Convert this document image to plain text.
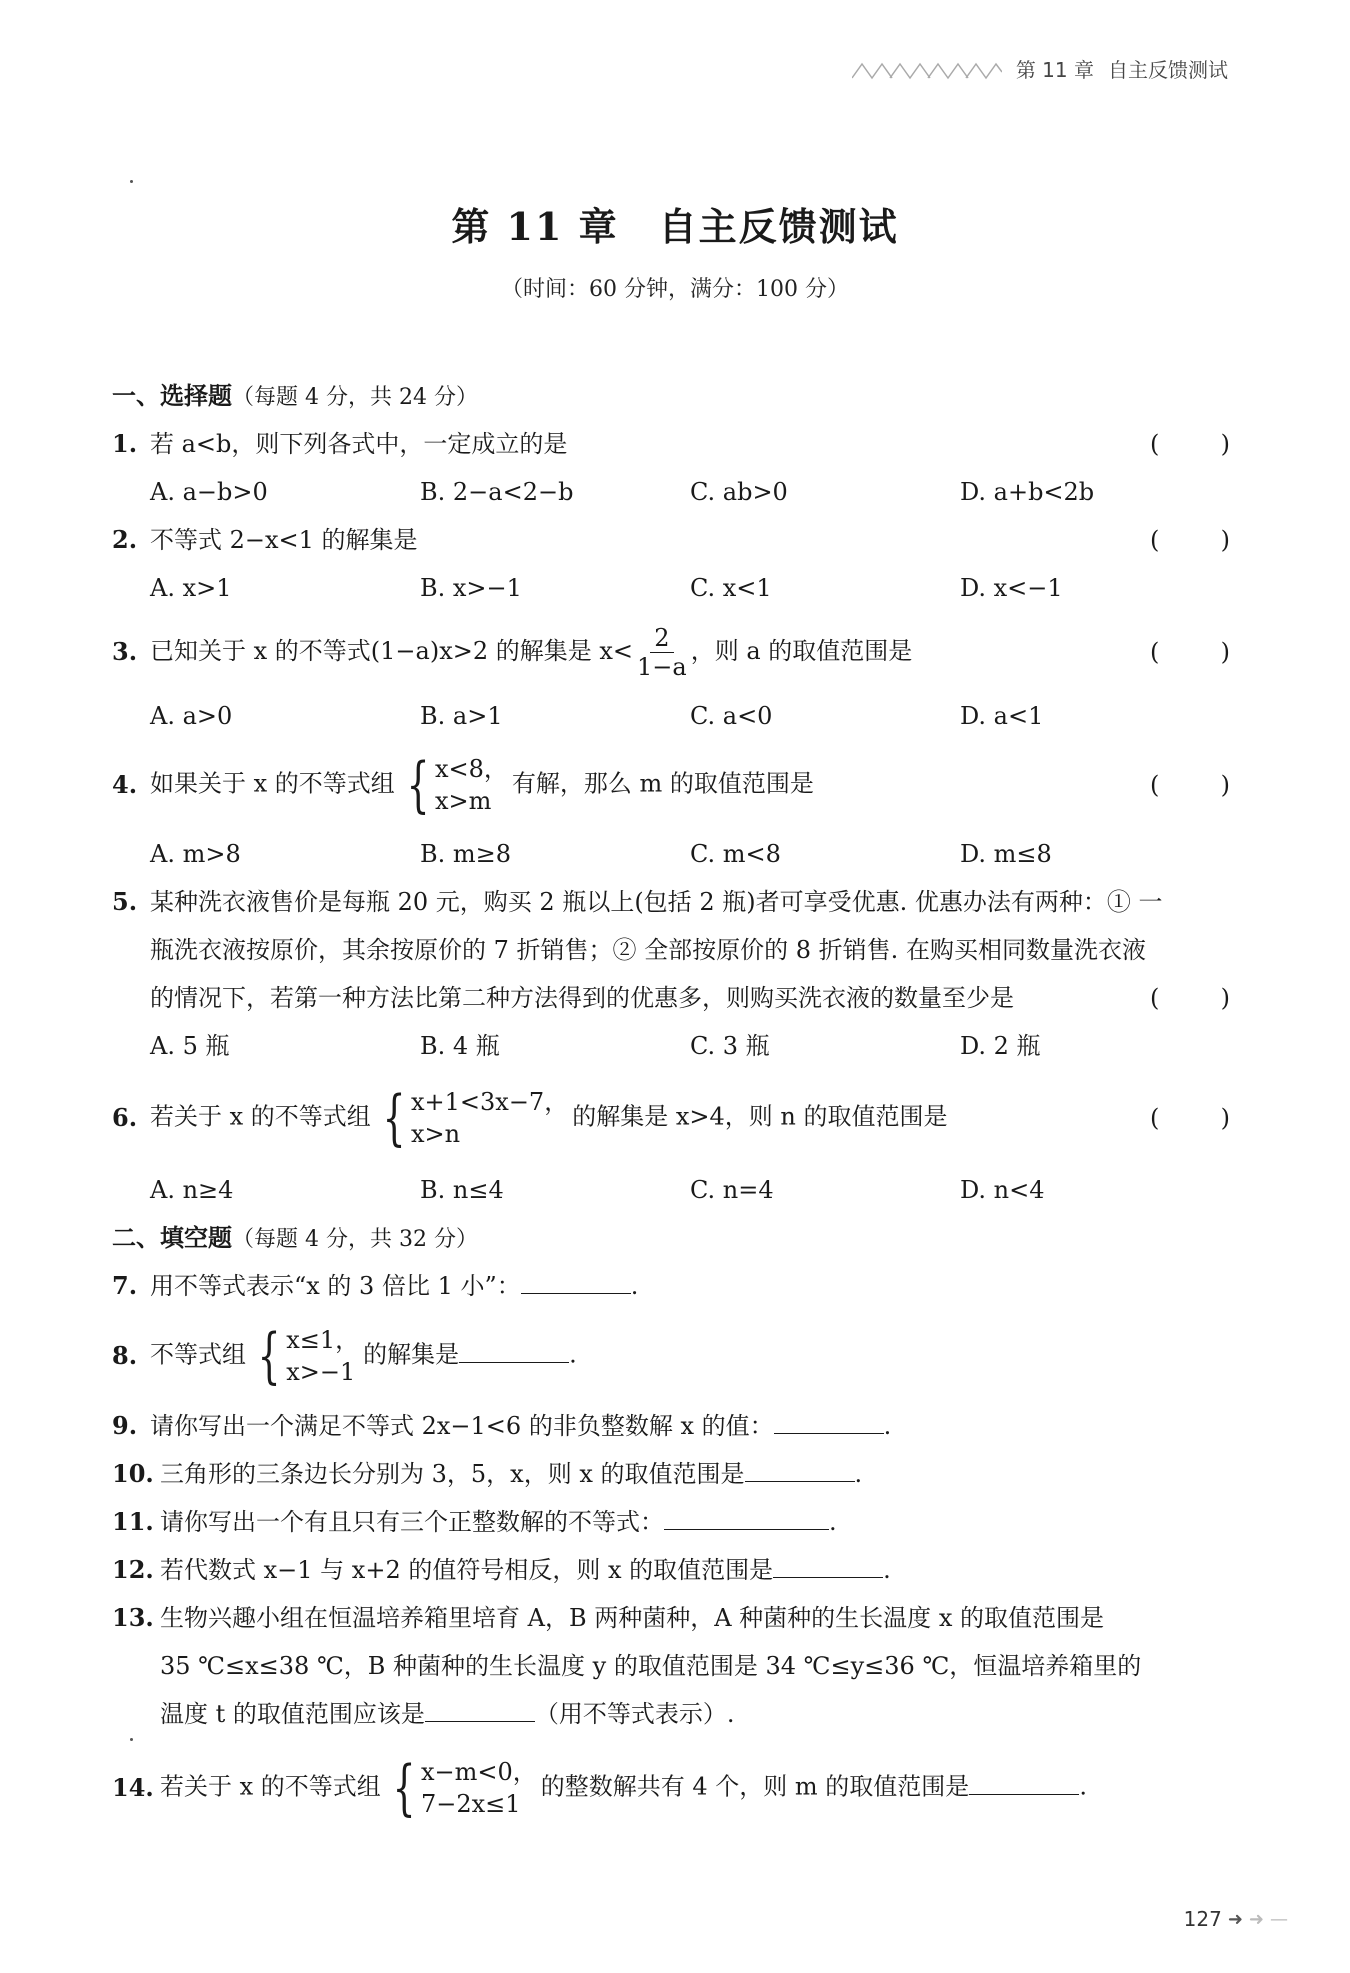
第 11 章 自主反馈测试
第 11 章　自主反馈测试
（时间：60 分钟，满分：100 分）
一、选择题（每题 4 分，共 24 分）
1. 若 a<b，则下列各式中，一定成立的是	(	)
A. a−b>0	B. 2−a<2−b	C. ab>0	D. a+b<2b
2. 不等式 2−x<1 的解集是	(	)
A. x>1	B. x>−1	C. x<1	D. x<−1
3. 已知关于 x 的不等式(1−a)x>2 的解集是 $x< \frac{2}{1-a}$ ，则 a 的取值范围是	(	)
A. a>0	B. a>1	C. a<0	D. a<1
4. 如果关于 x 的不等式组 { x<8，
x>m
有解，那么 m 的取值范围是	(	)
A. m>8	B. m≥8	C. m<8	D. m≤8
5. 某种洗衣液售价是每瓶 20 元，购买 2 瓶以上(包括 2 瓶)者可享受优惠. 优惠办法有两种：① 一
瓶洗衣液按原价，其余按原价的 7 折销售；② 全部按原价的 8 折销售. 在购买相同数量洗衣液
的情况下，若第一种方法比第二种方法得到的优惠多，则购买洗衣液的数量至少是	(	)
A. 5 瓶	B. 4 瓶	C. 3 瓶	D. 2 瓶
6. 若关于 x 的不等式组 { x+1<3x−7，
x>n
的解集是 x>4，则 n 的取值范围是	(	)
A. n≥4	B. n≤4	C. n=4	D. n<4
二、填空题（每题 4 分，共 32 分）
7. 用不等式表示“x 的 3 倍比 1 小”：	.
8. 不等式组 { x≤1，
x>−1
的解集是	.
9. 请你写出一个满足不等式 2x−1<6 的非负整数解 x 的值：	.
10. 三角形的三条边长分别为 3，5，x，则 x 的取值范围是	.
11. 请你写出一个有且只有三个正整数解的不等式：	.
12. 若代数式 x−1 与 x+2 的值符号相反，则 x 的取值范围是	.
13. 生物兴趣小组在恒温培养箱里培育 A，B 两种菌种，A 种菌种的生长温度 x 的取值范围是
35 ℃≤x≤38 ℃，B 种菌种的生长温度 y 的取值范围是 34 ℃≤y≤36 ℃，恒温培养箱里的
温度 t 的取值范围应该是	（用不等式表示）.
14. 若关于 x 的不等式组 { x−m<0，
7−2x≤1
的整数解共有 4 个，则 m 的取值范围是	.
127 ➜ ➜ —
